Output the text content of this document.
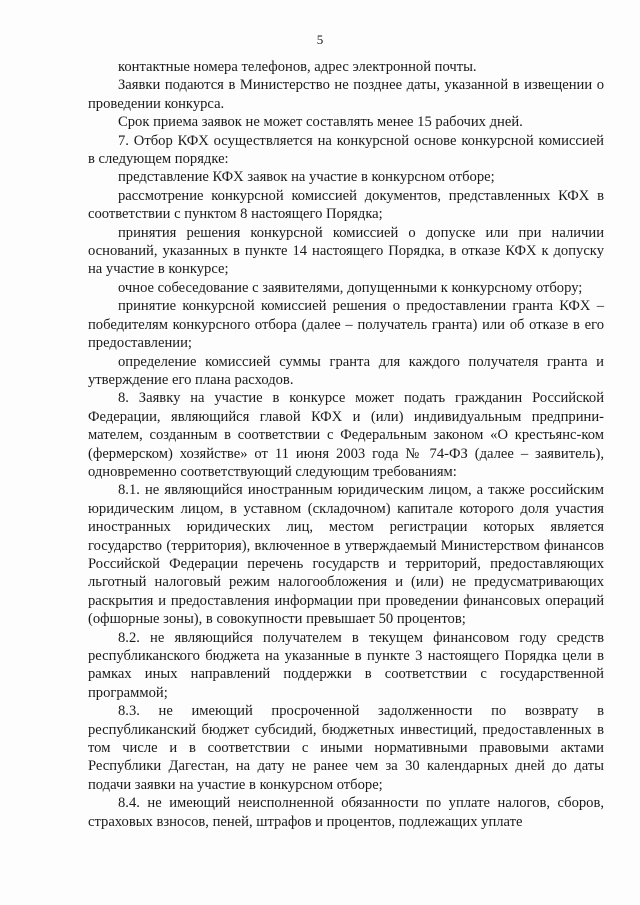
5

контактные номера телефонов, адрес электронной почты.

Заявки подаются в Министерство не позднее даты, указанной в извещении о проведении конкурса.

Срок приема заявок не может составлять менее 15 рабочих дней.

7. Отбор КФХ осуществляется на конкурсной основе конкурсной комиссией в следующем порядке:

представление КФХ заявок на участие в конкурсном отборе;

рассмотрение конкурсной комиссией документов, представленных КФХ в соответствии с пунктом 8 настоящего Порядка;

принятия решения конкурсной комиссией о допуске или при наличии оснований, указанных в пункте 14 настоящего Порядка, в отказе КФХ к допуску на участие в конкурсе;

очное собеседование с заявителями, допущенными к конкурсному отбору;

принятие конкурсной комиссией решения о предоставлении гранта КФХ – победителям конкурсного отбора (далее – получатель гранта) или об отказе в его предоставлении;

определение комиссией суммы гранта для каждого получателя гранта и утверждение его плана расходов.

8. Заявку на участие в конкурсе может подать гражданин Российской Федерации, являющийся главой КФХ и (или) индивидуальным предприни-мателем, созданным в соответствии с Федеральным законом «О крестьянс-ком (фермерском) хозяйстве» от 11 июня 2003 года № 74-ФЗ (далее – заявитель), одновременно соответствующий следующим требованиям:

8.1. не являющийся иностранным юридическим лицом, а также российским юридическим лицом, в уставном (складочном) капитале которого доля участия иностранных юридических лиц, местом регистрации которых является государство (территория), включенное в утверждаемый Министерством финансов Российской Федерации перечень государств и территорий, предоставляющих льготный налоговый режим налогообложения и (или) не предусматривающих раскрытия и предоставления информации при проведении финансовых операций (офшорные зоны), в совокупности превышает 50 процентов;

8.2. не являющийся получателем в текущем финансовом году средств республиканского бюджета на указанные в пункте 3 настоящего Порядка цели в рамках иных направлений поддержки в соответствии с государственной программой;

8.3. не имеющий просроченной задолженности по возврату в республиканский бюджет субсидий, бюджетных инвестиций, предоставленных в том числе и в соответствии с иными нормативными правовыми актами Республики Дагестан, на дату не ранее чем за 30 календарных дней до даты подачи заявки на участие в конкурсном отборе;

8.4. не имеющий неисполненной обязанности по уплате налогов, сборов, страховых взносов, пеней, штрафов и процентов, подлежащих уплате
